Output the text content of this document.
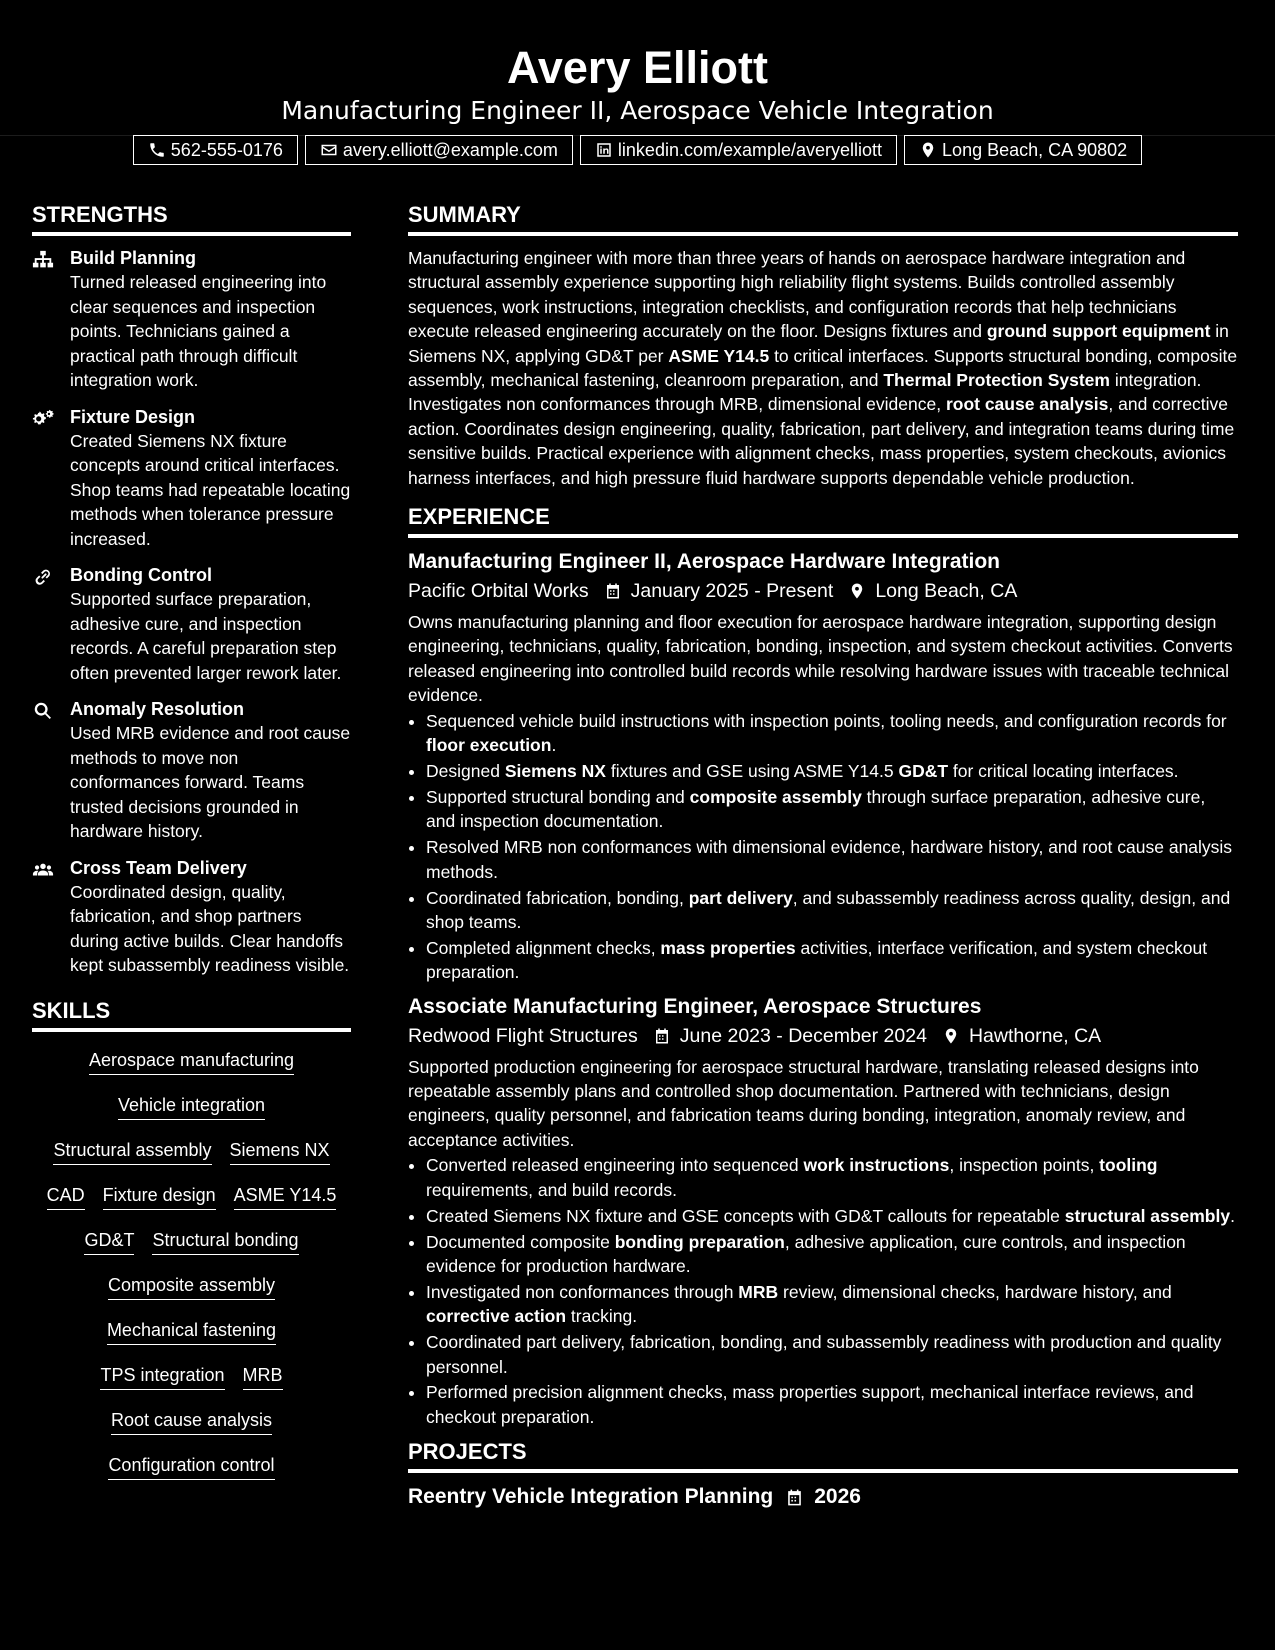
Avery Elliott
Manufacturing Engineer II, Aerospace Vehicle Integration
562-555-0176	avery.elliott@example.com	linkedin.com/example/averyelliott	Long Beach, CA 90802
STRENGTHS
Build Planning
Turned released engineering into clear sequences and inspection points. Technicians gained a practical path through difficult integration work.
Fixture Design
Created Siemens NX fixture concepts around critical interfaces. Shop teams had repeatable locating methods when tolerance pressure increased.
Bonding Control
Supported surface preparation, adhesive cure, and inspection records. A careful preparation step often prevented larger rework later.
Anomaly Resolution
Used MRB evidence and root cause methods to move non conformances forward. Teams trusted decisions grounded in hardware history.
Cross Team Delivery
Coordinated design, quality, fabrication, and shop partners during active builds. Clear handoffs kept subassembly readiness visible.
SKILLS
Aerospace manufacturing
Vehicle integration
Structural assembly Siemens NX
CAD Fixture design ASME Y14.5
GD&T Structural bonding
Composite assembly
Mechanical fastening
TPS integration MRB
Root cause analysis
Configuration control
SUMMARY
Manufacturing engineer with more than three years of hands on aerospace hardware integration and structural assembly experience supporting high reliability flight systems. Builds controlled assembly sequences, work instructions, integration checklists, and configuration records that help technicians execute released engineering accurately on the floor. Designs fixtures and ground support equipment in Siemens NX, applying GD&T per ASME Y14.5 to critical interfaces. Supports structural bonding, composite assembly, mechanical fastening, cleanroom preparation, and Thermal Protection System integration. Investigates non conformances through MRB, dimensional evidence, root cause analysis, and corrective action. Coordinates design engineering, quality, fabrication, part delivery, and integration teams during time sensitive builds. Practical experience with alignment checks, mass properties, system checkouts, avionics harness interfaces, and high pressure fluid hardware supports dependable vehicle production.
EXPERIENCE
Manufacturing Engineer II, Aerospace Hardware Integration
Pacific Orbital Works January 2025 - Present Long Beach, CA
Owns manufacturing planning and floor execution for aerospace hardware integration, supporting design engineering, technicians, quality, fabrication, bonding, inspection, and system checkout activities. Converts released engineering into controlled build records while resolving hardware issues with traceable technical evidence.
• Sequenced vehicle build instructions with inspection points, tooling needs, and configuration records for floor execution.
• Designed Siemens NX fixtures and GSE using ASME Y14.5 GD&T for critical locating interfaces.
• Supported structural bonding and composite assembly through surface preparation, adhesive cure, and inspection documentation.
• Resolved MRB non conformances with dimensional evidence, hardware history, and root cause analysis methods.
• Coordinated fabrication, bonding, part delivery, and subassembly readiness across quality, design, and shop teams.
• Completed alignment checks, mass properties activities, interface verification, and system checkout preparation.
Associate Manufacturing Engineer, Aerospace Structures
Redwood Flight Structures June 2023 - December 2024 Hawthorne, CA
Supported production engineering for aerospace structural hardware, translating released designs into repeatable assembly plans and controlled shop documentation. Partnered with technicians, design engineers, quality personnel, and fabrication teams during bonding, integration, anomaly review, and acceptance activities.
• Converted released engineering into sequenced work instructions, inspection points, tooling requirements, and build records.
• Created Siemens NX fixture and GSE concepts with GD&T callouts for repeatable structural assembly.
• Documented composite bonding preparation, adhesive application, cure controls, and inspection evidence for production hardware.
• Investigated non conformances through MRB review, dimensional checks, hardware history, and corrective action tracking.
• Coordinated part delivery, fabrication, bonding, and subassembly readiness with production and quality personnel.
• Performed precision alignment checks, mass properties support, mechanical interface reviews, and checkout preparation.
PROJECTS
Reentry Vehicle Integration Planning 2026
